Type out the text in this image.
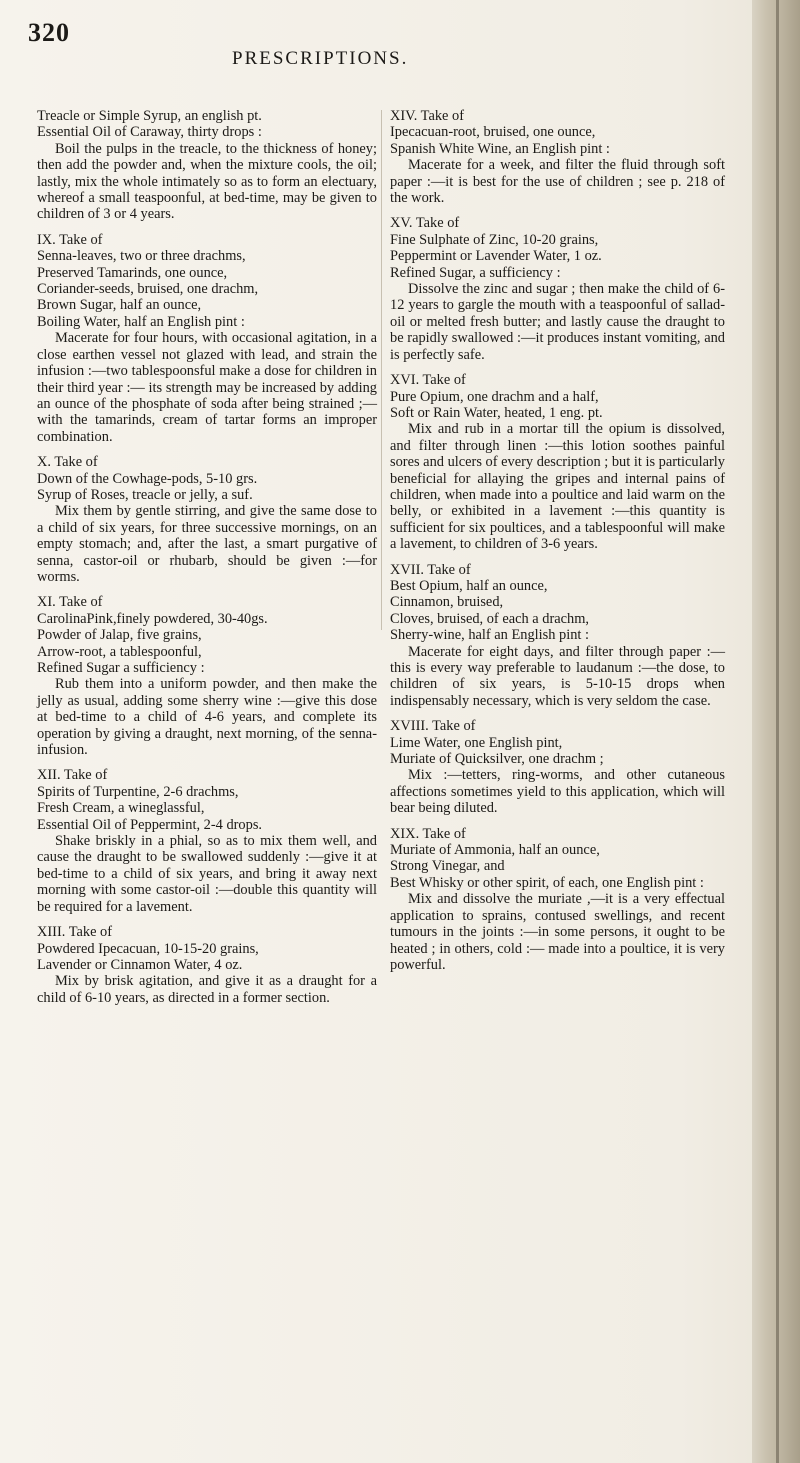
320
PRESCRIPTIONS.
Treacle or Simple Syrup, an english pt.
Essential Oil of Caraway, thirty drops :
Boil the pulps in the treacle, to the thickness of honey; then add the powder and, when the mixture cools, the oil; lastly, mix the whole intimately so as to form an electuary, whereof a small teaspoonful, at bed-time, may be given to children of 3 or 4 years.
IX. Take of
Senna-leaves, two or three drachms,
Preserved Tamarinds, one ounce,
Coriander-seeds, bruised, one drachm,
Brown Sugar, half an ounce,
Boiling Water, half an English pint :
Macerate for four hours, with occasional agitation, in a close earthen vessel not glazed with lead, and strain the infusion :—two tablespoonsful make a dose for children in their third year :— its strength may be increased by adding an ounce of the phosphate of soda after being strained ;—with the tamarinds, cream of tartar forms an improper combination.
X. Take of
Down of the Cowhage-pods, 5-10 grs.
Syrup of Roses, treacle or jelly, a suf.
Mix them by gentle stirring, and give the same dose to a child of six years, for three successive mornings, on an empty stomach; and, after the last, a smart purgative of senna, castor-oil or rhubarb, should be given :—for worms.
XI. Take of
CarolinaPink,finely powdered, 30-40gs.
Powder of Jalap, five grains,
Arrow-root, a tablespoonful,
Refined Sugar a sufficiency :
Rub them into a uniform powder, and then make the jelly as usual, adding some sherry wine :—give this dose at bed-time to a child of 4-6 years, and complete its operation by giving a draught, next morning, of the senna-infusion.
XII. Take of
Spirits of Turpentine, 2-6 drachms,
Fresh Cream, a wineglassful,
Essential Oil of Peppermint, 2-4 drops.
Shake briskly in a phial, so as to mix them well, and cause the draught to be swallowed suddenly :—give it at bed-time to a child of six years, and bring it away next morning with some castor-oil :—double this quantity will be required for a lavement.
XIII. Take of
Powdered Ipecacuan, 10-15-20 grains,
Lavender or Cinnamon Water, 4 oz.
Mix by brisk agitation, and give it as a draught for a child of 6-10 years, as directed in a former section.
XIV. Take of
Ipecacuan-root, bruised, one ounce,
Spanish White Wine, an English pint :
Macerate for a week, and filter the fluid through soft paper :—it is best for the use of children ; see p. 218 of the work.
XV. Take of
Fine Sulphate of Zinc, 10-20 grains,
Peppermint or Lavender Water, 1 oz.
Refined Sugar, a sufficiency :
Dissolve the zinc and sugar ; then make the child of 6-12 years to gargle the mouth with a teaspoonful of sallad-oil or melted fresh butter; and lastly cause the draught to be rapidly swallowed :—it produces instant vomiting, and is perfectly safe.
XVI. Take of
Pure Opium, one drachm and a half,
Soft or Rain Water, heated, 1 eng. pt.
Mix and rub in a mortar till the opium is dissolved, and filter through linen :—this lotion soothes painful sores and ulcers of every description ; but it is particularly beneficial for allaying the gripes and internal pains of children, when made into a poultice and laid warm on the belly, or exhibited in a lavement :—this quantity is sufficient for six poultices, and a tablespoonful will make a lavement, to children of 3-6 years.
XVII. Take of
Best Opium, half an ounce,
Cinnamon, bruised,
Cloves, bruised, of each a drachm,
Sherry-wine, half an English pint :
Macerate for eight days, and filter through paper :—this is every way preferable to laudanum :—the dose, to children of six years, is 5-10-15 drops when indispensably necessary, which is very seldom the case.
XVIII. Take of
Lime Water, one English pint,
Muriate of Quicksilver, one drachm ;
Mix :—tetters, ring-worms, and other cutaneous affections sometimes yield to this application, which will bear being diluted.
XIX. Take of
Muriate of Ammonia, half an ounce,
Strong Vinegar, and
Best Whisky or other spirit, of each, one English pint :
Mix and dissolve the muriate ,—it is a very effectual application to sprains, contused swellings, and recent tumours in the joints :—in some persons, it ought to be heated ; in others, cold :— made into a poultice, it is very powerful.
